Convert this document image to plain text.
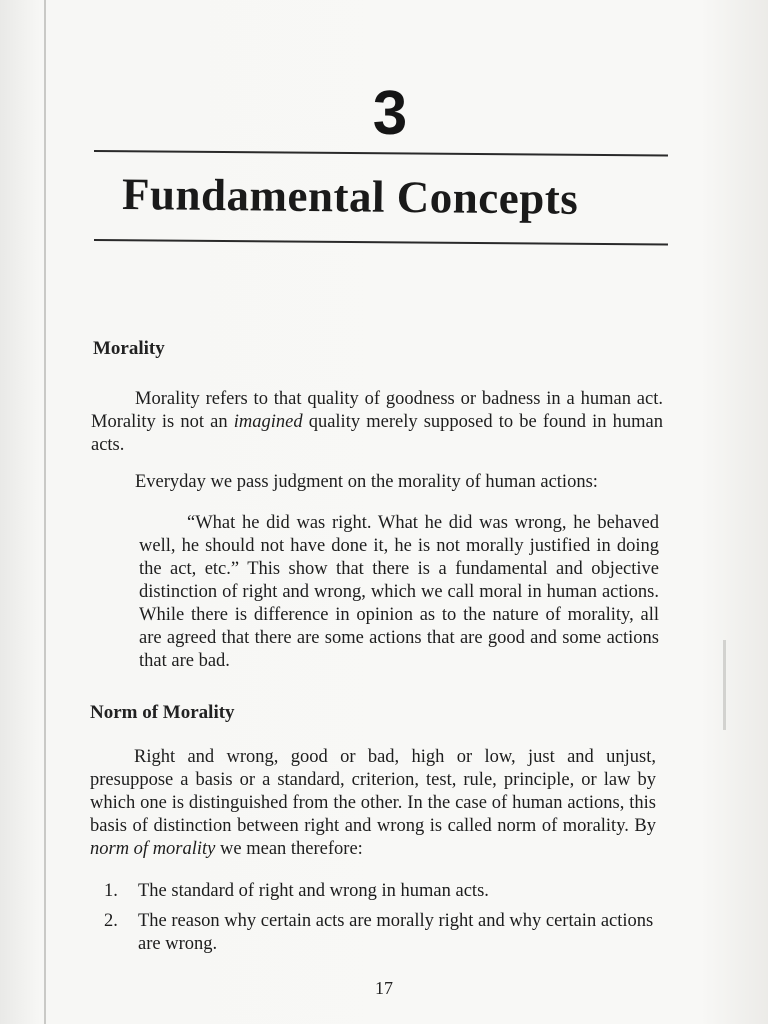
3
Fundamental Concepts
Morality
Morality refers to that quality of goodness or badness in a human act. Morality is not an imagined quality merely supposed to be found in human acts.
Everyday we pass judgment on the morality of human actions:
“What he did was right. What he did was wrong, he behaved well, he should not have done it, he is not morally justified in doing the act, etc.” This show that there is a fundamental and objective distinction of right and wrong, which we call moral in human actions. While there is difference in opinion as to the nature of morality, all are agreed that there are some actions that are good and some actions that are bad.
Norm of Morality
Right and wrong, good or bad, high or low, just and unjust, presuppose a basis or a standard, criterion, test, rule, principle, or law by which one is distinguished from the other. In the case of human actions, this basis of distinction between right and wrong is called norm of morality. By norm of morality we mean therefore:
1.	The standard of right and wrong in human acts.
2.	The reason why certain acts are morally right and why certain actions are wrong.
17
